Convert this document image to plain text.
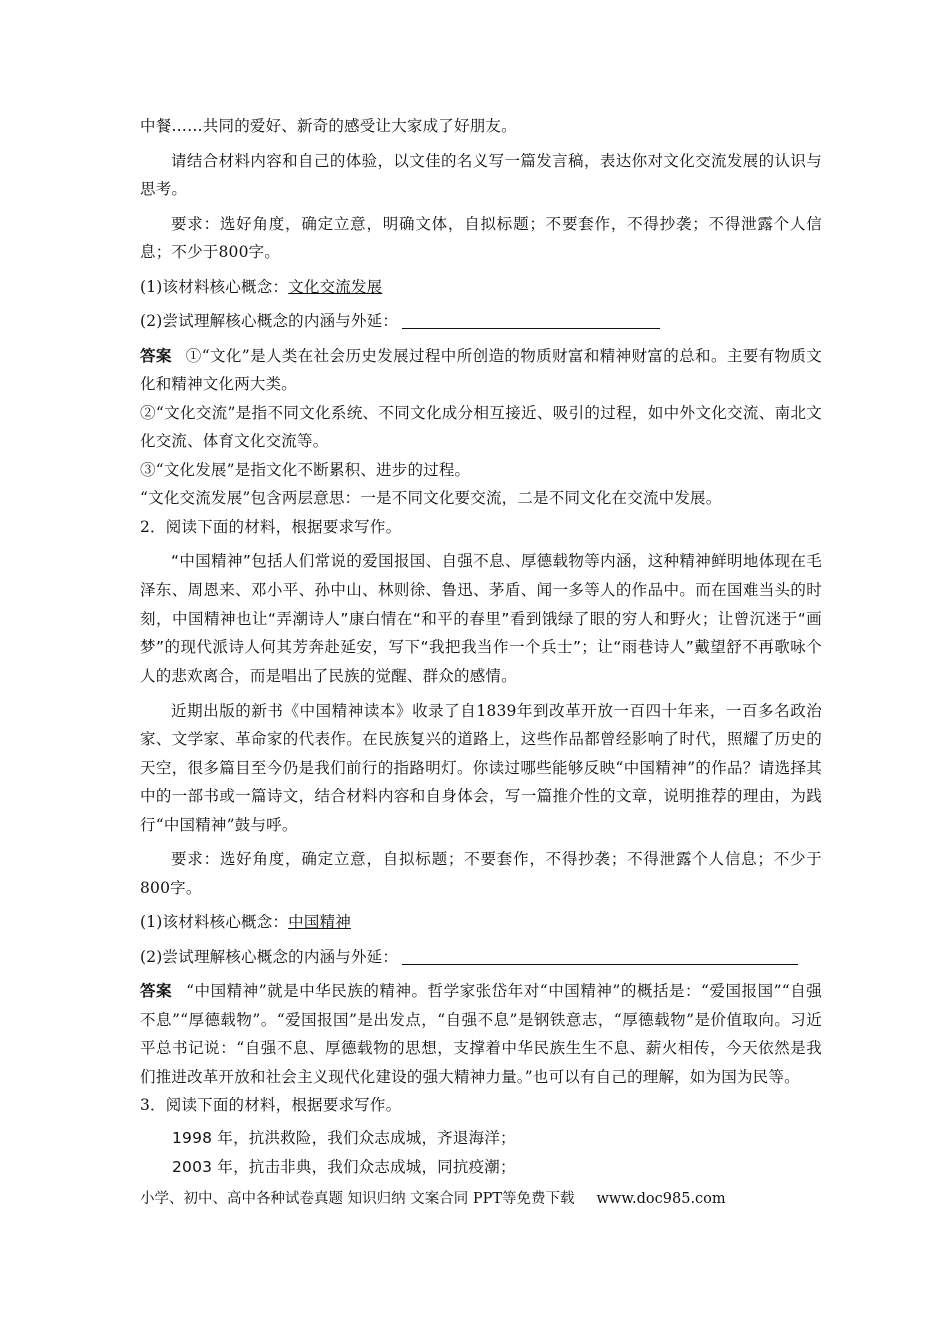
中餐……共同的爱好、新奇的感受让大家成了好朋友。

请结合材料内容和自己的体验，以文佳的名义写一篇发言稿，表达你对文化交流发展的认识与思考。

要求：选好角度，确定立意，明确文体，自拟标题；不要套作，不得抄袭；不得泄露个人信息；不少于800字。

(1)该材料核心概念：文化交流发展

(2)尝试理解核心概念的内涵与外延：

答案 ①“文化”是人类在社会历史发展过程中所创造的物质财富和精神财富的总和。主要有物质文化和精神文化两大类。

②“文化交流”是指不同文化系统、不同文化成分相互接近、吸引的过程，如中外文化交流、南北文化交流、体育文化交流等。

③“文化发展”是指文化不断累积、进步的过程。

“文化交流发展”包含两层意思：一是不同文化要交流，二是不同文化在交流中发展。

2．阅读下面的材料，根据要求写作。

“中国精神”包括人们常说的爱国报国、自强不息、厚德载物等内涵，这种精神鲜明地体现在毛泽东、周恩来、邓小平、孙中山、林则徐、鲁迅、茅盾、闻一多等人的作品中。而在国难当头的时刻，中国精神也让“弄潮诗人”康白情在“和平的春里”看到饿绿了眼的穷人和野火；让曾沉迷于“画梦”的现代派诗人何其芳奔赴延安，写下“我把我当作一个兵士”；让“雨巷诗人”戴望舒不再歌咏个人的悲欢离合，而是唱出了民族的觉醒、群众的感情。

近期出版的新书《中国精神读本》收录了自1839年到改革开放一百四十年来，一百多名政治家、文学家、革命家的代表作。在民族复兴的道路上，这些作品都曾经影响了时代，照耀了历史的天空，很多篇目至今仍是我们前行的指路明灯。你读过哪些能够反映“中国精神”的作品？请选择其中的一部书或一篇诗文，结合材料内容和自身体会，写一篇推介性的文章，说明推荐的理由，为践行“中国精神”鼓与呼。

要求：选好角度，确定立意，自拟标题；不要套作，不得抄袭；不得泄露个人信息；不少于800字。

(1)该材料核心概念：中国精神

(2)尝试理解核心概念的内涵与外延：

答案 “中国精神”就是中华民族的精神。哲学家张岱年对“中国精神”的概括是：“爱国报国”“自强不息”“厚德载物”。“爱国报国”是出发点，“自强不息”是钢铁意志，“厚德载物”是价值取向。习近平总书记说：“自强不息、厚德载物的思想，支撑着中华民族生生不息、薪火相传，今天依然是我们推进改革开放和社会主义现代化建设的强大精神力量。”也可以有自己的理解，如为国为民等。

3．阅读下面的材料，根据要求写作。

1998 年，抗洪救险，我们众志成城，齐退海洋；

2003 年，抗击非典，我们众志成城，同抗疫潮；

小学、初中、高中各种试卷真题 知识归纳 文案合同 PPT等免费下载 www.doc985.com
